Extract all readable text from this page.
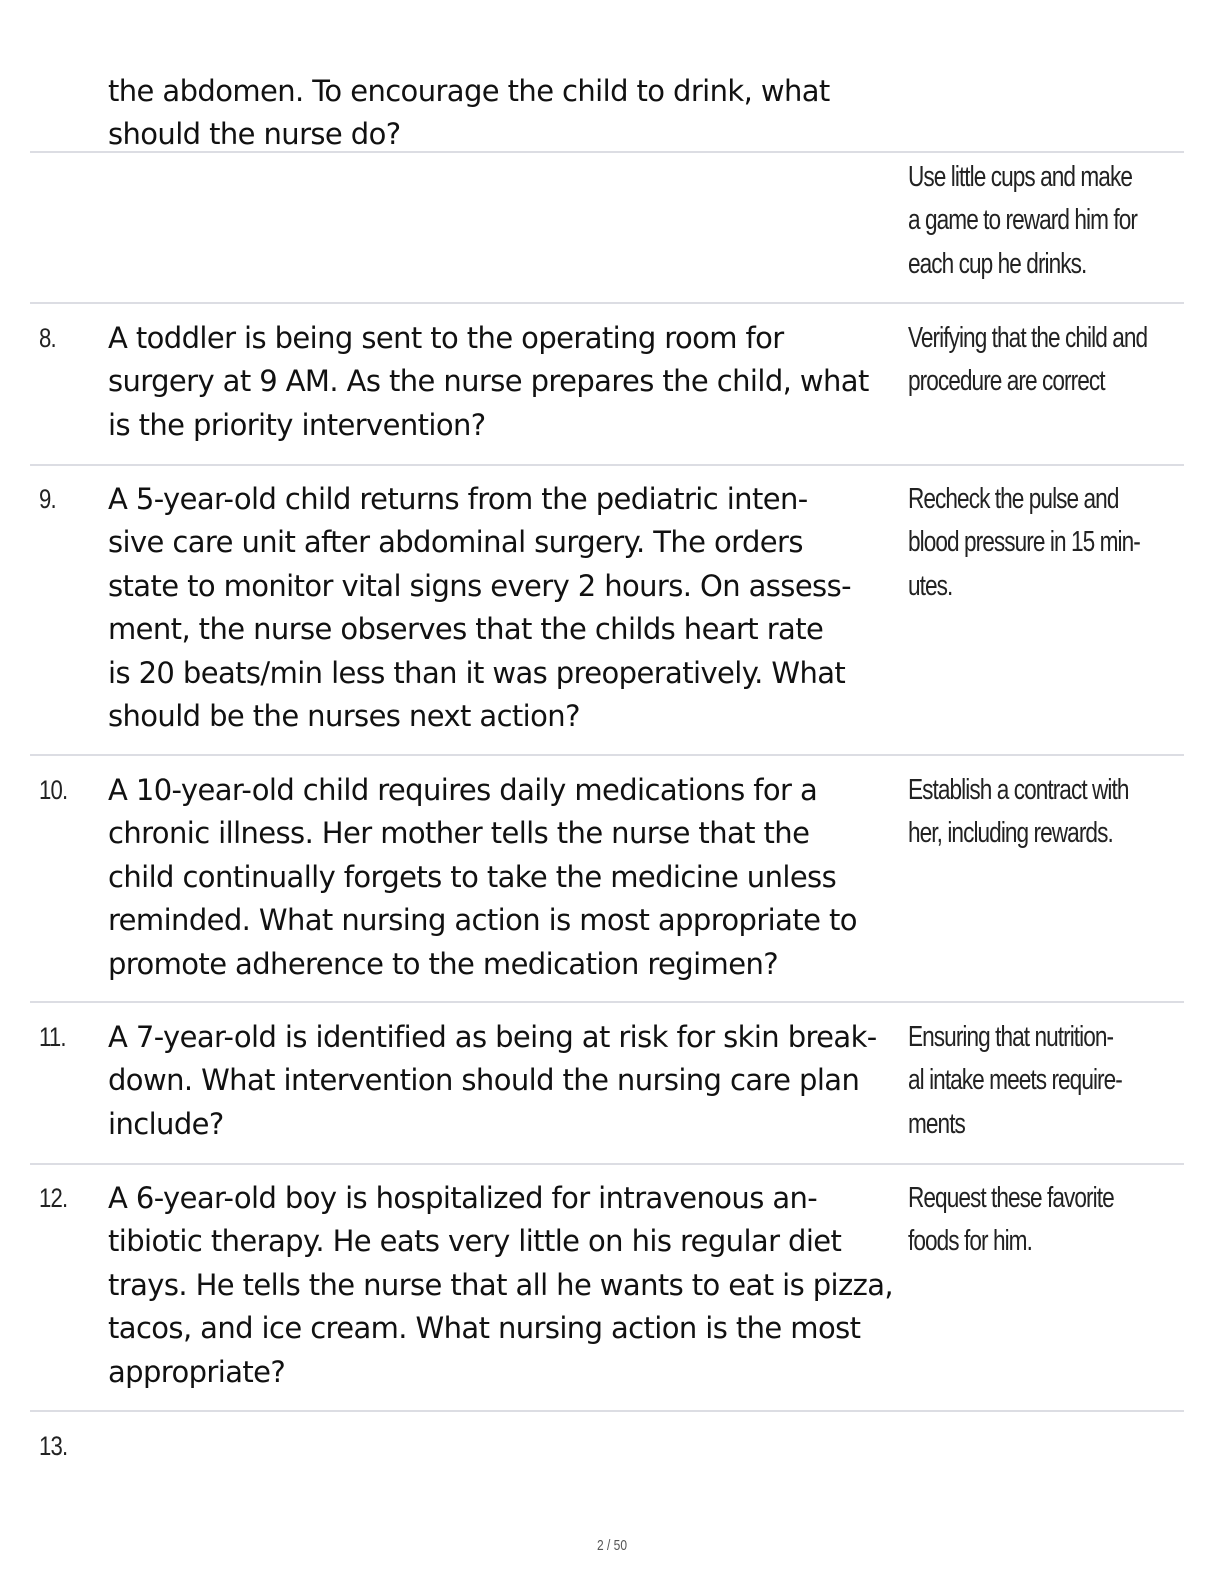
the abdomen. To encourage the child to drink, what
should the nurse do?
Use little cups and make
a game to reward him for
each cup he drinks.
8. A toddler is being sent to the operating room for
surgery at 9 AM. As the nurse prepares the child, what
is the priority intervention?
Verifying that the child and
procedure are correct
9. A 5-year-old child returns from the pediatric inten-
sive care unit after abdominal surgery. The orders
state to monitor vital signs every 2 hours. On assess-
ment, the nurse observes that the childs heart rate
is 20 beats/min less than it was preoperatively. What
should be the nurses next action?
Recheck the pulse and
blood pressure in 15 min-
utes.
10. A 10-year-old child requires daily medications for a
chronic illness. Her mother tells the nurse that the
child continually forgets to take the medicine unless
reminded. What nursing action is most appropriate to
promote adherence to the medication regimen?
Establish a contract with
her, including rewards.
11. A 7-year-old is identified as being at risk for skin break-
down. What intervention should the nursing care plan
include?
Ensuring that nutrition-
al intake meets require-
ments
12. A 6-year-old boy is hospitalized for intravenous an-
tibiotic therapy. He eats very little on his regular diet
trays. He tells the nurse that all he wants to eat is pizza,
tacos, and ice cream. What nursing action is the most
appropriate?
Request these favorite
foods for him.
13.
2 / 50
